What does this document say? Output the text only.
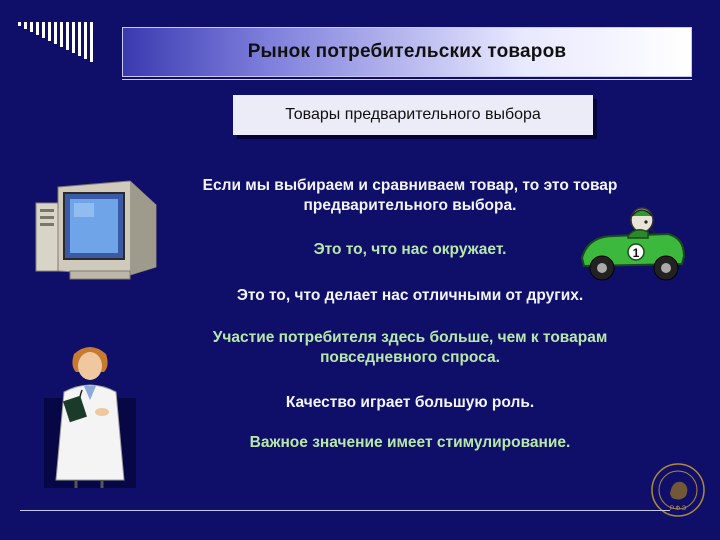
Рынок потребительских товаров
Товары предварительного выбора
Если мы выбираем и сравниваем товар, то это товар предварительного выбора.
Это то, что нас окружает.
Это то, что делает нас отличными от других.
Участие потребителя здесь больше, чем к товарам повседневного спроса.
Качество играет большую роль.
Важное значение имеет стимулирование.
1
P Ф Э
